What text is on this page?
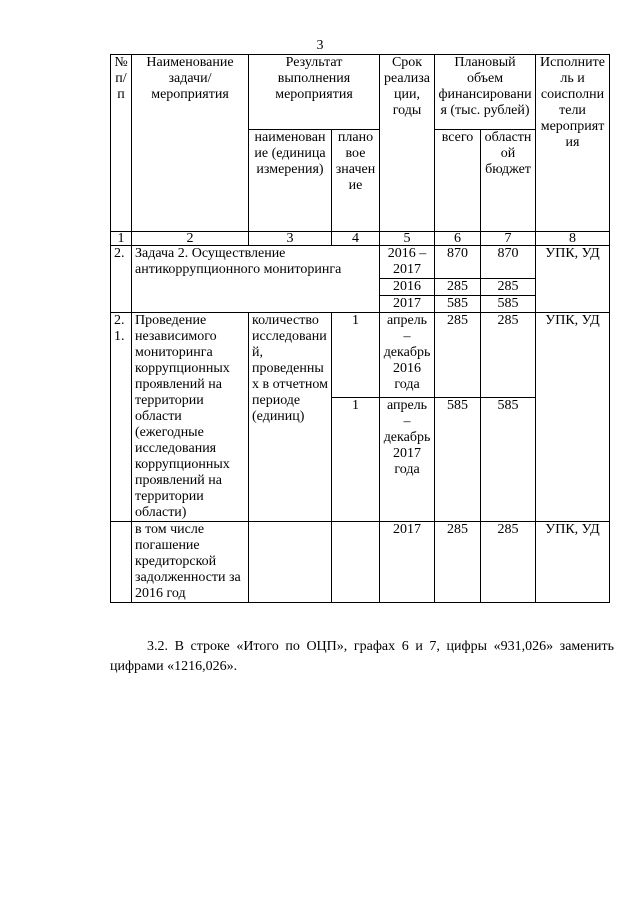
3
№ п/п	Наименование задачи/мероприятия	Результат выполнения мероприятия		Срок реализации, годы	Плановый объем финансирования (тыс. рублей)		Исполнитель и соисполнители мероприятия
		наименование (единица измерения)	плановое значение		всего	областной бюджет	
1	2	3	4	5	6	7	8
2.	Задача 2. Осуществление антикоррупционного мониторинга			2016 – 2017	870	870	УПК, УД
				2016	285	285	
				2017	585	585	
2. 1.	Проведение независимого мониторинга коррупционных проявлений на территории области (ежегодные исследования коррупционных проявлений на территории области)	количество исследований, проведенных в отчетном периоде (единиц)	1	апрель – декабрь 2016 года	285	285	УПК, УД
			1	апрель – декабрь 2017 года	585	585	
	в том числе погашение кредиторской задолженности за 2016 год			2017	285	285	УПК, УД

3.2. В строке «Итого по ОЦП», графах 6 и 7, цифры «931,026» заменить цифрами «1216,026».
